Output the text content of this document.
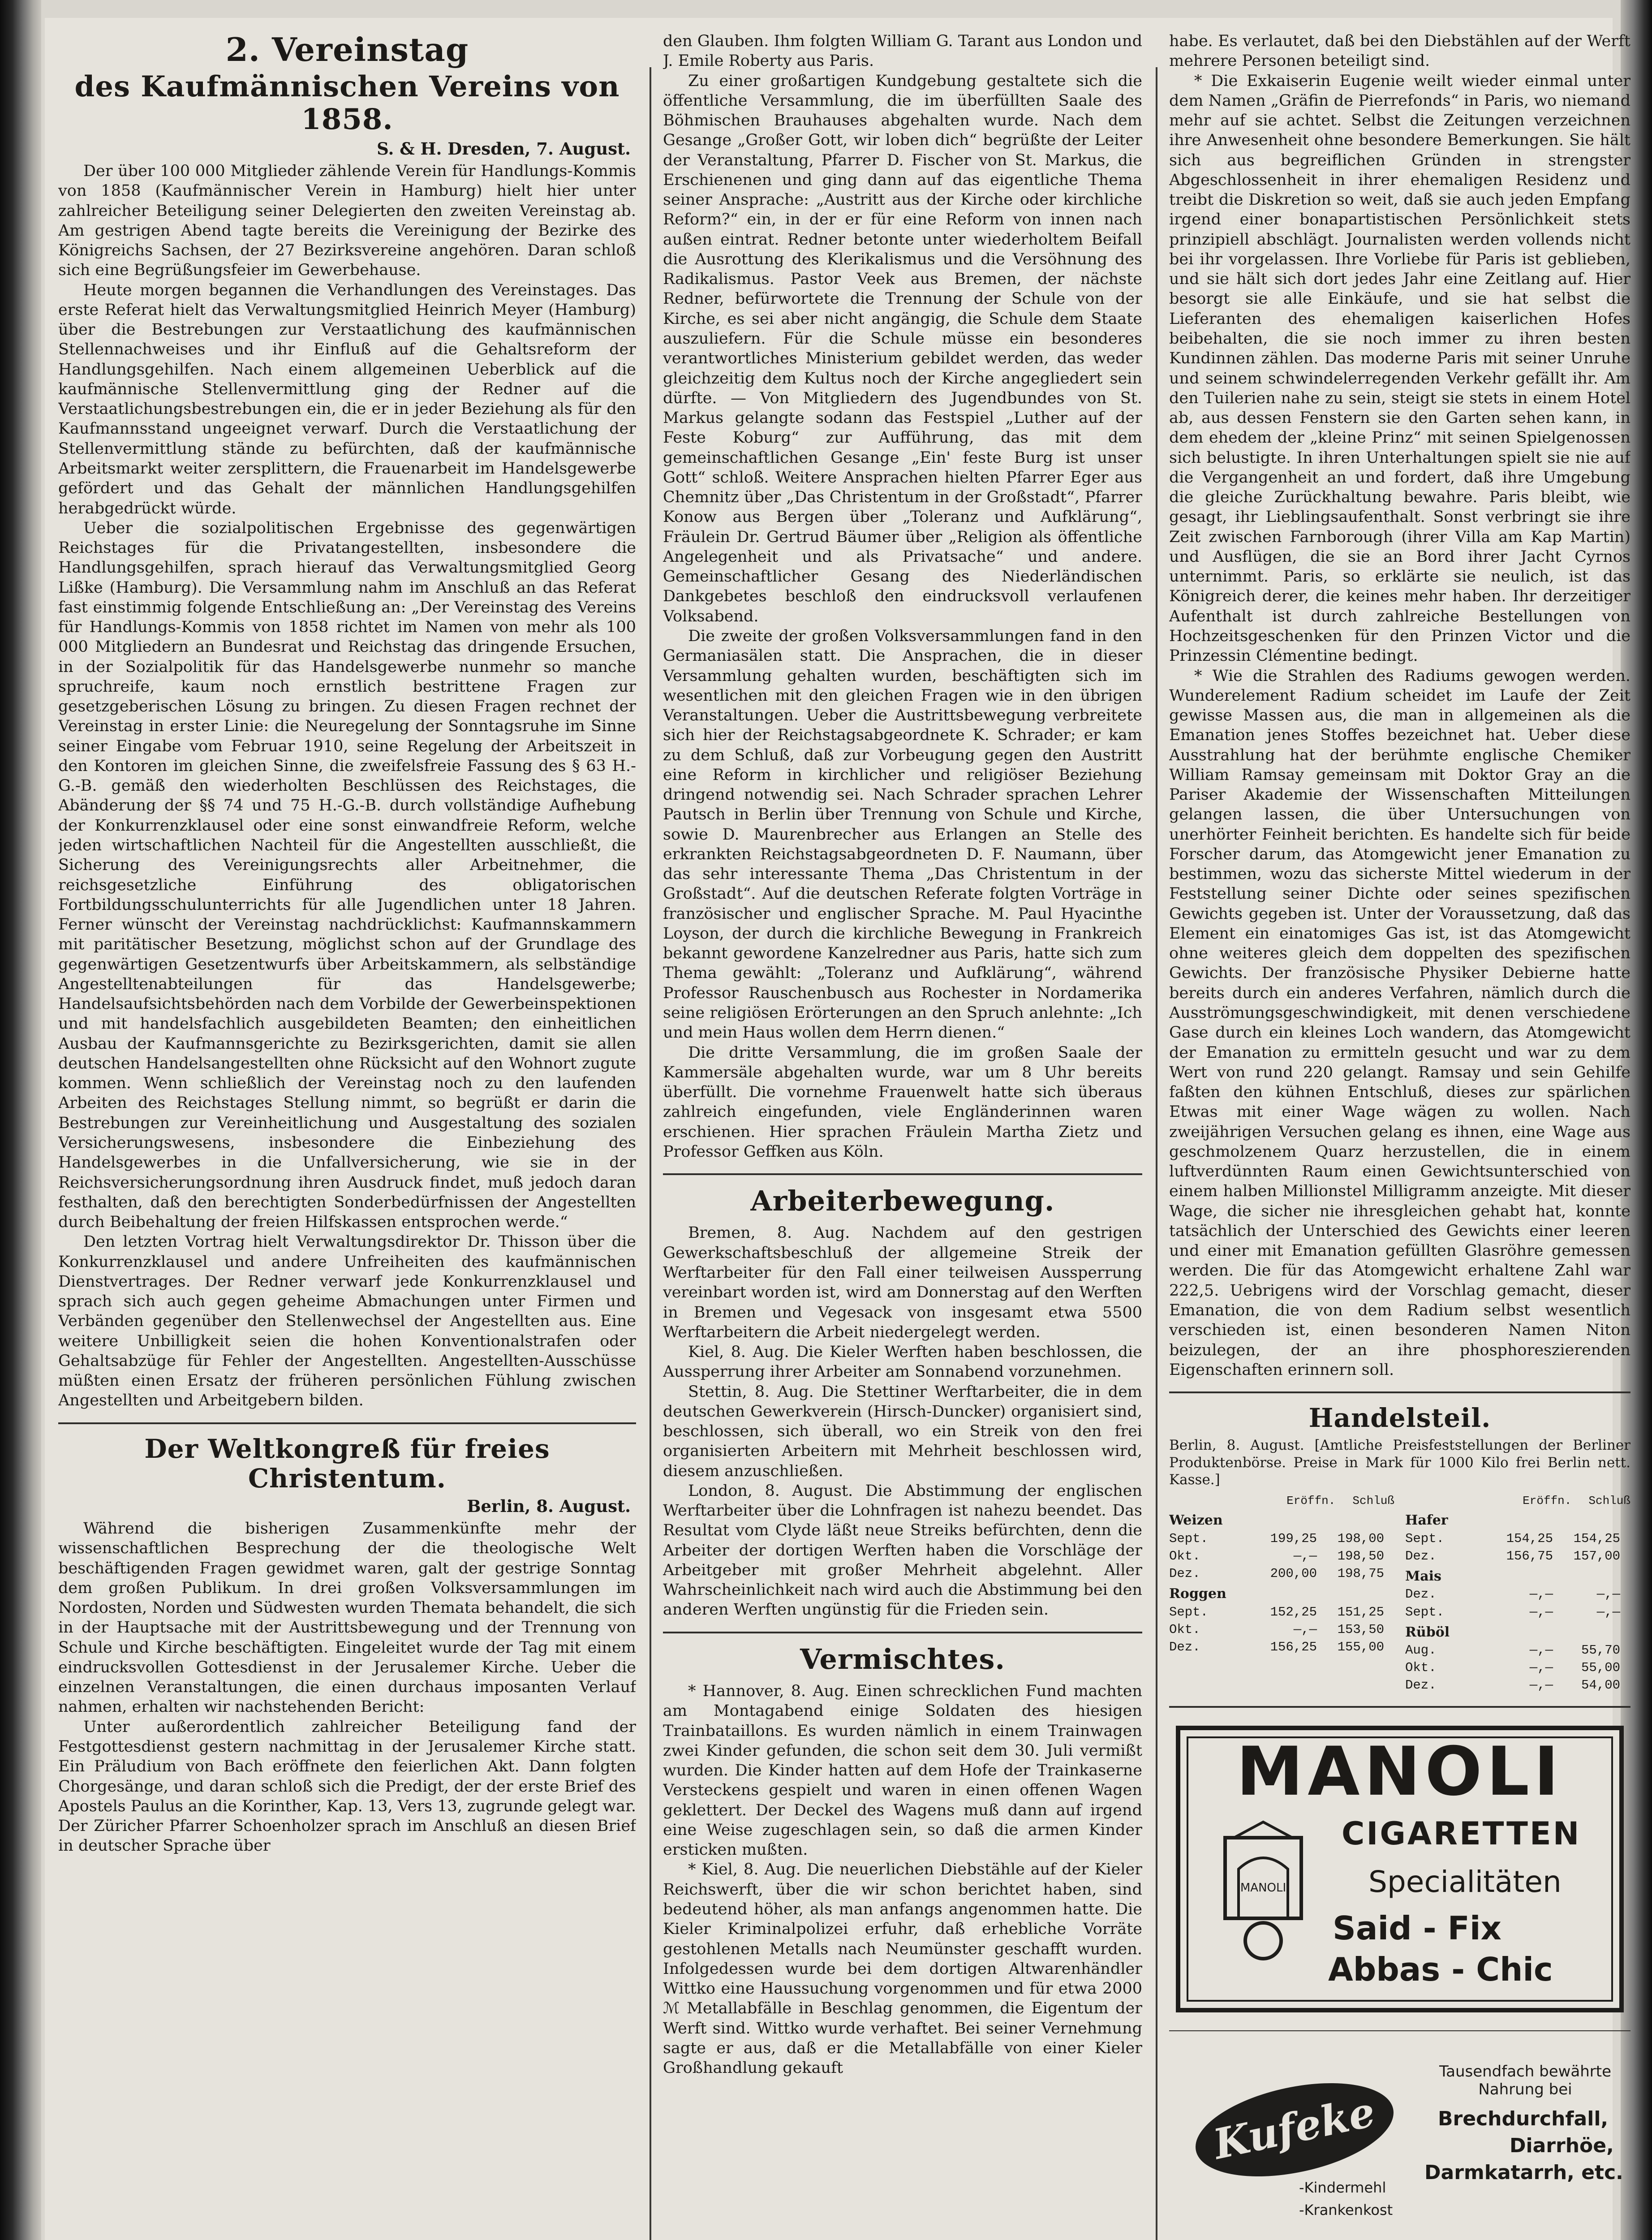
2. Vereinstag

des Kaufmännischen Vereins von 1858.

S. & H. Dresden, 7. August.

Der über 100 000 Mitglieder zählende Verein für Handlungs-Kommis von 1858 (Kaufmännischer Verein in Hamburg) hielt hier unter zahlreicher Beteiligung seiner Delegierten den zweiten Vereinstag ab. Am gestrigen Abend tagte bereits die Vereinigung der Bezirke des Königreichs Sachsen, der 27 Bezirksvereine angehören. Daran schloß sich eine Begrüßungsfeier im Gewerbehause.

Heute morgen begannen die Verhandlungen des Vereinstages. Das erste Referat hielt das Verwaltungsmitglied Heinrich Meyer (Hamburg) über die Bestrebungen zur Verstaatlichung des kaufmännischen Stellennachweises und ihr Einfluß auf die Gehaltsreform der Handlungsgehilfen. Nach einem allgemeinen Ueberblick auf die kaufmännische Stellenvermittlung ging der Redner auf die Verstaatlichungsbestrebungen ein, die er in jeder Beziehung als für den Kaufmannsstand ungeeignet verwarf. Durch die Verstaatlichung der Stellenvermittlung stände zu befürchten, daß der kaufmännische Arbeitsmarkt weiter zersplittern, die Frauenarbeit im Handelsgewerbe gefördert und das Gehalt der männlichen Handlungsgehilfen herabgedrückt würde.

Ueber die sozialpolitischen Ergebnisse des gegenwärtigen Reichstages für die Privatangestellten, insbesondere die Handlungsgehilfen, sprach hierauf das Verwaltungsmitglied Georg Lißke (Hamburg). Die Versammlung nahm im Anschluß an das Referat fast einstimmig folgende Entschließung an: „Der Vereinstag des Vereins für Handlungs-Kommis von 1858 richtet im Namen von mehr als 100 000 Mitgliedern an Bundesrat und Reichstag das dringende Ersuchen, in der Sozialpolitik für das Handelsgewerbe nunmehr so manche spruchreife, kaum noch ernstlich bestrittene Fragen zur gesetzgeberischen Lösung zu bringen. Zu diesen Fragen rechnet der Vereinstag in erster Linie: die Neuregelung der Sonntagsruhe im Sinne seiner Eingabe vom Februar 1910, seine Regelung der Arbeitszeit in den Kontoren im gleichen Sinne, die zweifelsfreie Fassung des § 63 H.-G.-B. gemäß den wiederholten Beschlüssen des Reichstages, die Abänderung der §§ 74 und 75 H.-G.-B. durch vollständige Aufhebung der Konkurrenzklausel oder eine sonst einwandfreie Reform, welche jeden wirtschaftlichen Nachteil für die Angestellten ausschließt, die Sicherung des Vereinigungsrechts aller Arbeitnehmer, die reichsgesetzliche Einführung des obligatorischen Fortbildungsschulunterrichts für alle Jugendlichen unter 18 Jahren. Ferner wünscht der Vereinstag nachdrücklichst: Kaufmannskammern mit paritätischer Besetzung, möglichst schon auf der Grundlage des gegenwärtigen Gesetzentwurfs über Arbeitskammern, als selbständige Angestelltenabteilungen für das Handelsgewerbe; Handelsaufsichtsbehörden nach dem Vorbilde der Gewerbeinspektionen und mit handelsfachlich ausgebildeten Beamten; den einheitlichen Ausbau der Kaufmannsgerichte zu Bezirksgerichten, damit sie allen deutschen Handelsangestellten ohne Rücksicht auf den Wohnort zugute kommen. Wenn schließlich der Vereinstag noch zu den laufenden Arbeiten des Reichstages Stellung nimmt, so begrüßt er darin die Bestrebungen zur Vereinheitlichung und Ausgestaltung des sozialen Versicherungswesens, insbesondere die Einbeziehung des Handelsgewerbes in die Unfallversicherung, wie sie in der Reichsversicherungsordnung ihren Ausdruck findet, muß jedoch daran festhalten, daß den berechtigten Sonderbedürfnissen der Angestellten durch Beibehaltung der freien Hilfskassen entsprochen werde.“

Den letzten Vortrag hielt Verwaltungsdirektor Dr. Thisson über die Konkurrenzklausel und andere Unfreiheiten des kaufmännischen Dienstvertrages. Der Redner verwarf jede Konkurrenzklausel und sprach sich auch gegen geheime Abmachungen unter Firmen und Verbänden gegenüber den Stellenwechsel der Angestellten aus. Eine weitere Unbilligkeit seien die hohen Konventionalstrafen oder Gehaltsabzüge für Fehler der Angestellten. Angestellten-Ausschüsse müßten einen Ersatz der früheren persönlichen Fühlung zwischen Angestellten und Arbeitgebern bilden.

Der Weltkongreß für freies Christentum.

Berlin, 8. August.

Während die bisherigen Zusammenkünfte mehr der wissenschaftlichen Besprechung der die theologische Welt beschäftigenden Fragen gewidmet waren, galt der gestrige Sonntag dem großen Publikum. In drei großen Volksversammlungen im Nordosten, Norden und Südwesten wurden Themata behandelt, die sich in der Hauptsache mit der Austrittsbewegung und der Trennung von Schule und Kirche beschäftigten. Eingeleitet wurde der Tag mit einem eindrucksvollen Gottesdienst in der Jerusalemer Kirche. Ueber die einzelnen Veranstaltungen, die einen durchaus imposanten Verlauf nahmen, erhalten wir nachstehenden Bericht:

Unter außerordentlich zahlreicher Beteiligung fand der Festgottesdienst gestern nachmittag in der Jerusalemer Kirche statt. Ein Präludium von Bach eröffnete den feierlichen Akt. Dann folgten Chorgesänge, und daran schloß sich die Predigt, der der erste Brief des Apostels Paulus an die Korinther, Kap. 13, Vers 13, zugrunde gelegt war. Der Züricher Pfarrer Schoenholzer sprach im Anschluß an diesen Brief in deutscher Sprache über

den Glauben. Ihm folgten William G. Tarant aus London und J. Emile Roberty aus Paris.

Zu einer großartigen Kundgebung gestaltete sich die öffentliche Versammlung, die im überfüllten Saale des Böhmischen Brauhauses abgehalten wurde. Nach dem Gesange „Großer Gott, wir loben dich“ begrüßte der Leiter der Veranstaltung, Pfarrer D. Fischer von St. Markus, die Erschienenen und ging dann auf das eigentliche Thema seiner Ansprache: „Austritt aus der Kirche oder kirchliche Reform?“ ein, in der er für eine Reform von innen nach außen eintrat. Redner betonte unter wiederholtem Beifall die Ausrottung des Klerikalismus und die Versöhnung des Radikalismus. Pastor Veek aus Bremen, der nächste Redner, befürwortete die Trennung der Schule von der Kirche, es sei aber nicht angängig, die Schule dem Staate auszuliefern. Für die Schule müsse ein besonderes verantwortliches Ministerium gebildet werden, das weder gleichzeitig dem Kultus noch der Kirche angegliedert sein dürfte. — Von Mitgliedern des Jugendbundes von St. Markus gelangte sodann das Festspiel „Luther auf der Feste Koburg“ zur Aufführung, das mit dem gemeinschaftlichen Gesange „Ein' feste Burg ist unser Gott“ schloß. Weitere Ansprachen hielten Pfarrer Eger aus Chemnitz über „Das Christentum in der Großstadt“, Pfarrer Konow aus Bergen über „Toleranz und Aufklärung“, Fräulein Dr. Gertrud Bäumer über „Religion als öffentliche Angelegenheit und als Privatsache“ und andere. Gemeinschaftlicher Gesang des Niederländischen Dankgebetes beschloß den eindrucksvoll verlaufenen Volksabend.

Die zweite der großen Volksversammlungen fand in den Germaniasälen statt. Die Ansprachen, die in dieser Versammlung gehalten wurden, beschäftigten sich im wesentlichen mit den gleichen Fragen wie in den übrigen Veranstaltungen. Ueber die Austrittsbewegung verbreitete sich hier der Reichstagsabgeordnete K. Schrader; er kam zu dem Schluß, daß zur Vorbeugung gegen den Austritt eine Reform in kirchlicher und religiöser Beziehung dringend notwendig sei. Nach Schrader sprachen Lehrer Pautsch in Berlin über Trennung von Schule und Kirche, sowie D. Maurenbrecher aus Erlangen an Stelle des erkrankten Reichstagsabgeordneten D. F. Naumann, über das sehr interessante Thema „Das Christentum in der Großstadt“. Auf die deutschen Referate folgten Vorträge in französischer und englischer Sprache. M. Paul Hyacinthe Loyson, der durch die kirchliche Bewegung in Frankreich bekannt gewordene Kanzelredner aus Paris, hatte sich zum Thema gewählt: „Toleranz und Aufklärung“, während Professor Rauschenbusch aus Rochester in Nordamerika seine religiösen Erörterungen an den Spruch anlehnte: „Ich und mein Haus wollen dem Herrn dienen.“

Die dritte Versammlung, die im großen Saale der Kammersäle abgehalten wurde, war um 8 Uhr bereits überfüllt. Die vornehme Frauenwelt hatte sich überaus zahlreich eingefunden, viele Engländerinnen waren erschienen. Hier sprachen Fräulein Martha Zietz und Professor Geffken aus Köln.

Arbeiterbewegung.

Bremen, 8. Aug. Nachdem auf den gestrigen Gewerkschaftsbeschluß der allgemeine Streik der Werftarbeiter für den Fall einer teilweisen Aussperrung vereinbart worden ist, wird am Donnerstag auf den Werften in Bremen und Vegesack von insgesamt etwa 5500 Werftarbeitern die Arbeit niedergelegt werden.

Kiel, 8. Aug. Die Kieler Werften haben beschlossen, die Aussperrung ihrer Arbeiter am Sonnabend vorzunehmen.

Stettin, 8. Aug. Die Stettiner Werftarbeiter, die in dem deutschen Gewerkverein (Hirsch-Duncker) organisiert sind, beschlossen, sich überall, wo ein Streik von den frei organisierten Arbeitern mit Mehrheit beschlossen wird, diesem anzuschließen.

London, 8. August. Die Abstimmung der englischen Werftarbeiter über die Lohnfragen ist nahezu beendet. Das Resultat vom Clyde läßt neue Streiks befürchten, denn die Arbeiter der dortigen Werften haben die Vorschläge der Arbeitgeber mit großer Mehrheit abgelehnt. Aller Wahrscheinlichkeit nach wird auch die Abstimmung bei den anderen Werften ungünstig für die Frieden sein.

Vermischtes.

* Hannover, 8. Aug. Einen schrecklichen Fund machten am Montagabend einige Soldaten des hiesigen Trainbataillons. Es wurden nämlich in einem Trainwagen zwei Kinder gefunden, die schon seit dem 30. Juli vermißt wurden. Die Kinder hatten auf dem Hofe der Trainkaserne Versteckens gespielt und waren in einen offenen Wagen geklettert. Der Deckel des Wagens muß dann auf irgend eine Weise zugeschlagen sein, so daß die armen Kinder ersticken mußten.

* Kiel, 8. Aug. Die neuerlichen Diebstähle auf der Kieler Reichswerft, über die wir schon berichtet haben, sind bedeutend höher, als man anfangs angenommen hatte. Die Kieler Kriminalpolizei erfuhr, daß erhebliche Vorräte gestohlenen Metalls nach Neumünster geschafft wurden. Infolgedessen wurde bei dem dortigen Altwarenhändler Wittko eine Haussuchung vorgenommen und für etwa 2000 ℳ Metallabfälle in Beschlag genommen, die Eigentum der Werft sind. Wittko wurde verhaftet. Bei seiner Vernehmung sagte er aus, daß er die Metallabfälle von einer Kieler Großhandlung gekauft

habe. Es verlautet, daß bei den Diebstählen auf der Werft mehrere Personen beteiligt sind.

* Die Exkaiserin Eugenie weilt wieder einmal unter dem Namen „Gräfin de Pierrefonds“ in Paris, wo niemand mehr auf sie achtet. Selbst die Zeitungen verzeichnen ihre Anwesenheit ohne besondere Bemerkungen. Sie hält sich aus begreiflichen Gründen in strengster Abgeschlossenheit in ihrer ehemaligen Residenz und treibt die Diskretion so weit, daß sie auch jeden Empfang irgend einer bonapartistischen Persönlichkeit stets prinzipiell abschlägt. Journalisten werden vollends nicht bei ihr vorgelassen. Ihre Vorliebe für Paris ist geblieben, und sie hält sich dort jedes Jahr eine Zeitlang auf. Hier besorgt sie alle Einkäufe, und sie hat selbst die Lieferanten des ehemaligen kaiserlichen Hofes beibehalten, die sie noch immer zu ihren besten Kundinnen zählen. Das moderne Paris mit seiner Unruhe und seinem schwindelerregenden Verkehr gefällt ihr. Am den Tuilerien nahe zu sein, steigt sie stets in einem Hotel ab, aus dessen Fenstern sie den Garten sehen kann, in dem ehedem der „kleine Prinz“ mit seinen Spielgenossen sich belustigte. In ihren Unterhaltungen spielt sie nie auf die Vergangenheit an und fordert, daß ihre Umgebung die gleiche Zurückhaltung bewahre. Paris bleibt, wie gesagt, ihr Lieblingsaufenthalt. Sonst verbringt sie ihre Zeit zwischen Farnborough (ihrer Villa am Kap Martin) und Ausflügen, die sie an Bord ihrer Jacht Cyrnos unternimmt. Paris, so erklärte sie neulich, ist das Königreich derer, die keines mehr haben. Ihr derzeitiger Aufenthalt ist durch zahlreiche Bestellungen von Hochzeitsgeschenken für den Prinzen Victor und die Prinzessin Clémentine bedingt.

* Wie die Strahlen des Radiums gewogen werden. Wunderelement Radium scheidet im Laufe der Zeit gewisse Massen aus, die man in allgemeinen als die Emanation jenes Stoffes bezeichnet hat. Ueber diese Ausstrahlung hat der berühmte englische Chemiker William Ramsay gemeinsam mit Doktor Gray an die Pariser Akademie der Wissenschaften Mitteilungen gelangen lassen, die über Untersuchungen von unerhörter Feinheit berichten. Es handelte sich für beide Forscher darum, das Atomgewicht jener Emanation zu bestimmen, wozu das sicherste Mittel wiederum in der Feststellung seiner Dichte oder seines spezifischen Gewichts gegeben ist. Unter der Voraussetzung, daß das Element ein einatomiges Gas ist, ist das Atomgewicht ohne weiteres gleich dem doppelten des spezifischen Gewichts. Der französische Physiker Debierne hatte bereits durch ein anderes Verfahren, nämlich durch die Ausströmungsgeschwindigkeit, mit denen verschiedene Gase durch ein kleines Loch wandern, das Atomgewicht der Emanation zu ermitteln gesucht und war zu dem Wert von rund 220 gelangt. Ramsay und sein Gehilfe faßten den kühnen Entschluß, dieses zur spärlichen Etwas mit einer Wage wägen zu wollen. Nach zweijährigen Versuchen gelang es ihnen, eine Wage aus geschmolzenem Quarz herzustellen, die in einem luftverdünnten Raum einen Gewichtsunterschied von einem halben Millionstel Milligramm anzeigte. Mit dieser Wage, die sicher nie ihresgleichen gehabt hat, konnte tatsächlich der Unterschied des Gewichts einer leeren und einer mit Emanation gefüllten Glasröhre gemessen werden. Die für das Atomgewicht erhaltene Zahl war 222,5. Uebrigens wird der Vorschlag gemacht, dieser Emanation, die von dem Radium selbst wesentlich verschieden ist, einen besonderen Namen Niton beizulegen, der an ihre phosphoreszierenden Eigenschaften erinnern soll.

Handelsteil.

Berlin, 8. August. [Amtliche Preisfeststellungen der Berliner Produktenbörse. Preise in Mark für 1000 Kilo frei Berlin nett. Kasse.]

Eröffn. Schluß
Weizen
Sept.	199,25	198,00
Okt.	—,—	198,50
Dez.	200,00	198,75
Roggen
Sept.	152,25	151,25
Okt.	—,—	153,50
Dez.	156,25	155,00
Eröffn. Schluß
Hafer
Sept.	154,25	154,25
Dez.	156,75	157,00
Mais
Dez.	—,—	—,—
Sept.	—,—	—,—
Rüböl
Aug.	—,—	55,70
Okt.	—,—	55,00
Dez.	—,—	54,00
MANOLI
MANOLI
CIGARETTEN
Specialitäten
Said - Fix
Abbas - Chic
Kufeke
-Kindermehl
-Krankenkost
Tausendfach bewährte Nahrung bei
Brechdurchfall,
Diarrhöe,
Darmkatarrh, etc.
